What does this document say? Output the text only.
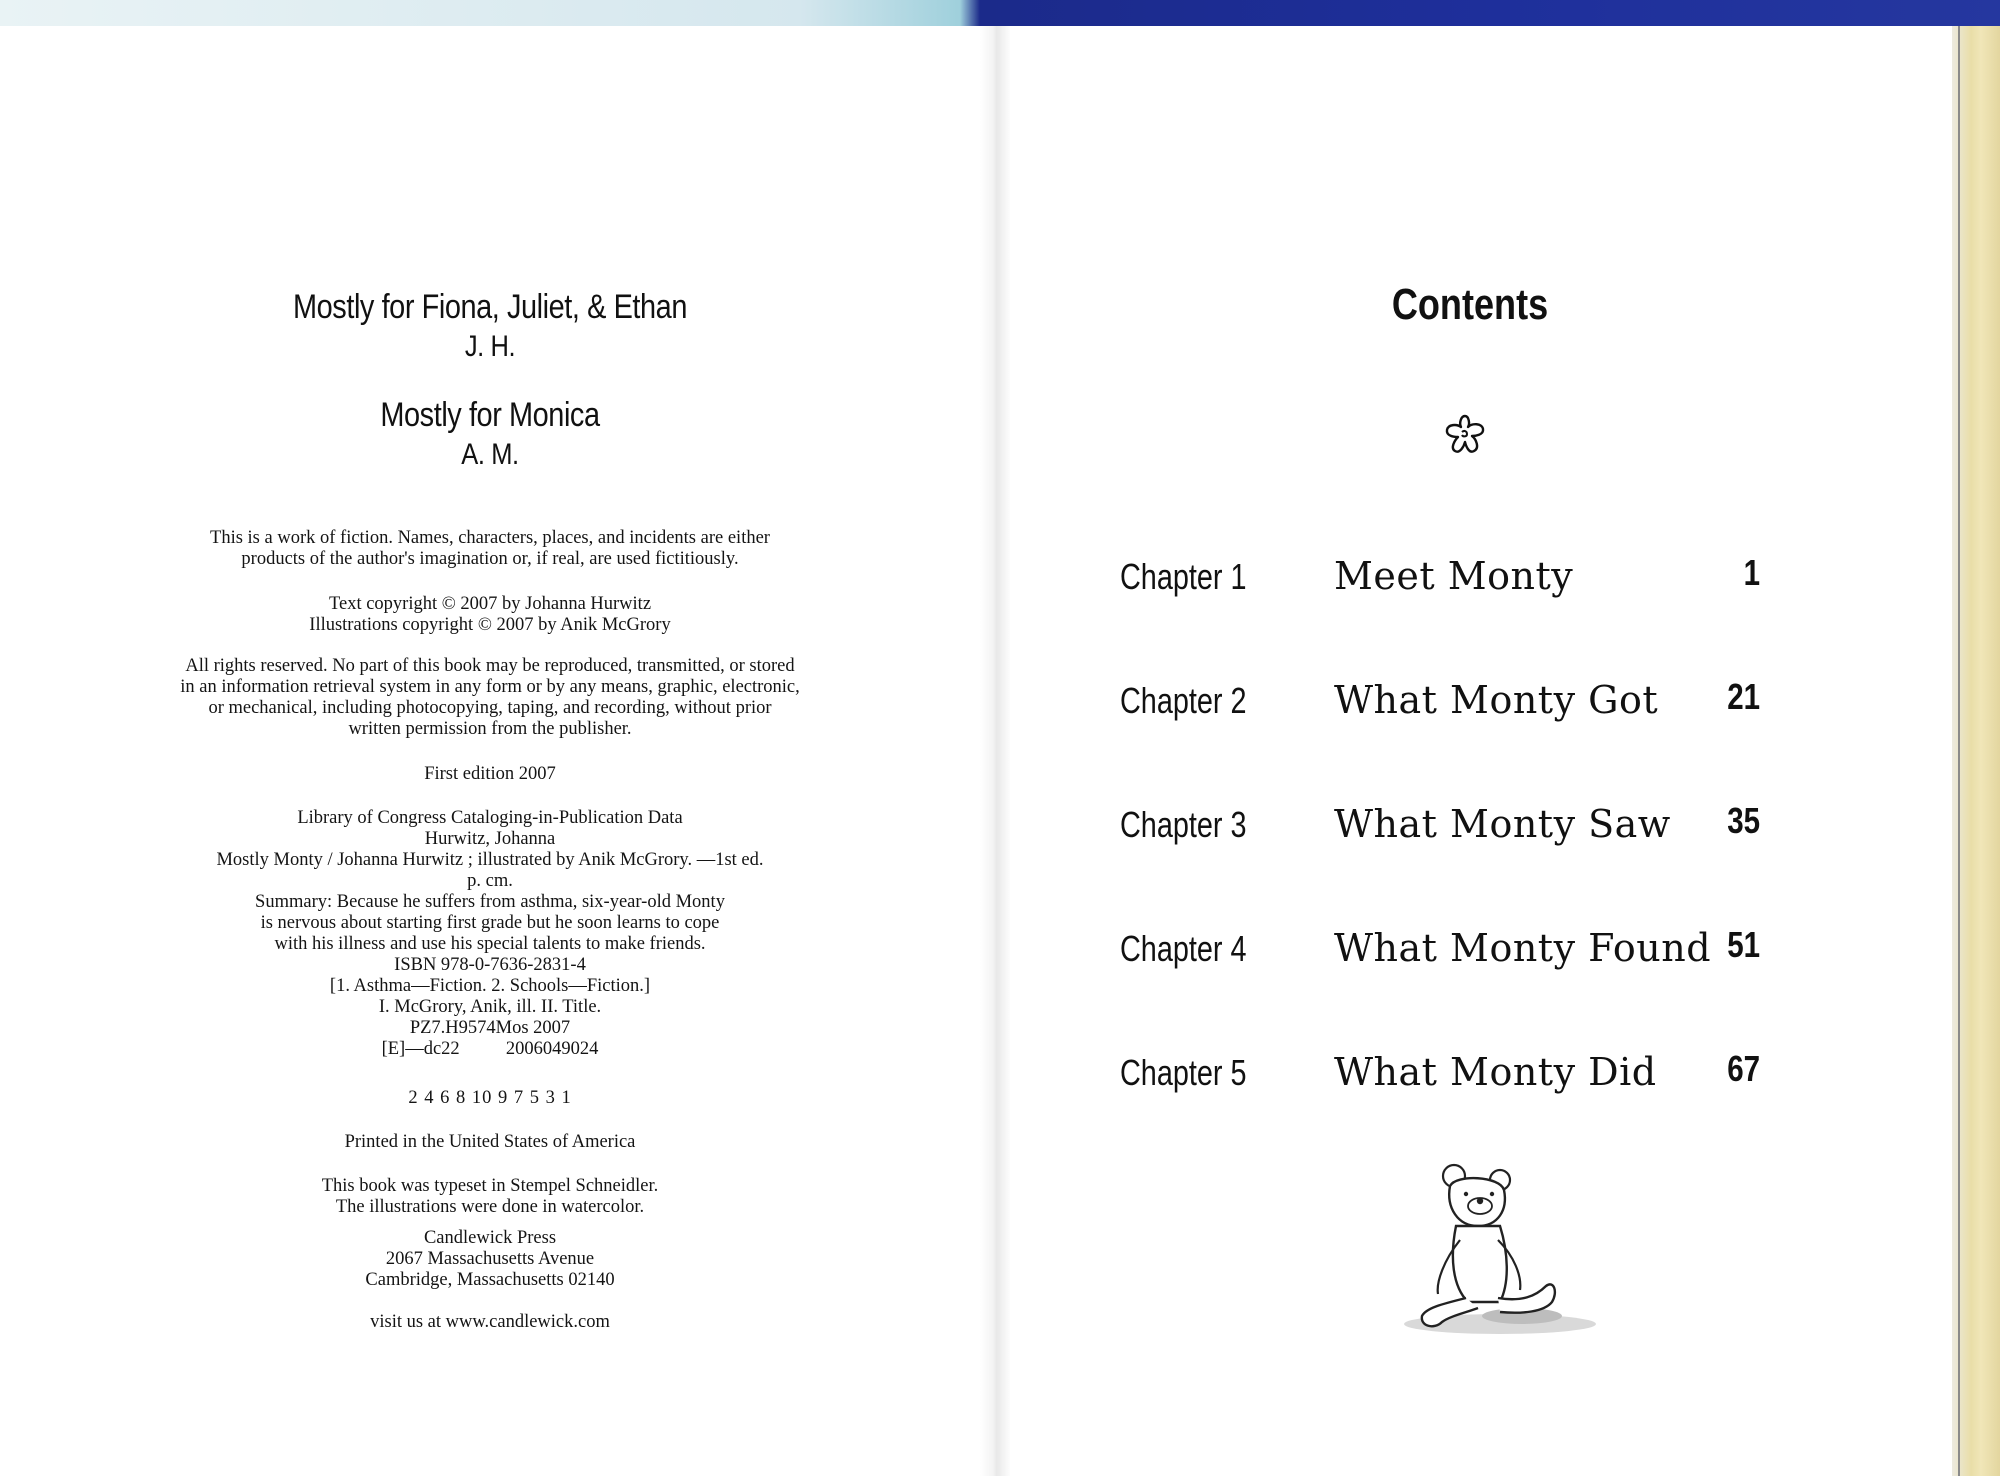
Mostly for Fiona, Juliet, & Ethan
J. H.
Mostly for Monica
A. M.
This is a work of fiction. Names, characters, places, and incidents are either
products of the author's imagination or, if real, are used fictitiously.
Text copyright © 2007 by Johanna Hurwitz
Illustrations copyright © 2007 by Anik McGrory
All rights reserved. No part of this book may be reproduced, transmitted, or stored
in an information retrieval system in any form or by any means, graphic, electronic,
or mechanical, including photocopying, taping, and recording, without prior
written permission from the publisher.
First edition 2007
Library of Congress Cataloging-in-Publication Data
Hurwitz, Johanna
Mostly Monty / Johanna Hurwitz ; illustrated by Anik McGrory. —1st ed.
p. cm.
Summary: Because he suffers from asthma, six-year-old Monty
is nervous about starting first grade but he soon learns to cope
with his illness and use his special talents to make friends.
ISBN 978-0-7636-2831-4
[1. Asthma—Fiction. 2. Schools—Fiction.]
I. McGrory, Anik, ill. II. Title.
PZ7.H9574Mos 2007
[E]—dc22          2006049024
2 4 6 8 10 9 7 5 3 1
Printed in the United States of America
This book was typeset in Stempel Schneidler.
The illustrations were done in watercolor.
Candlewick Press
2067 Massachusetts Avenue
Cambridge, Massachusetts 02140
visit us at www.candlewick.com
Contents
Chapter 1 Meet Monty	1
Chapter 2 What Monty Got 21
Chapter 3 What Monty Saw 35
Chapter 4 What Monty Found 51
Chapter 5 What Monty Did 67
